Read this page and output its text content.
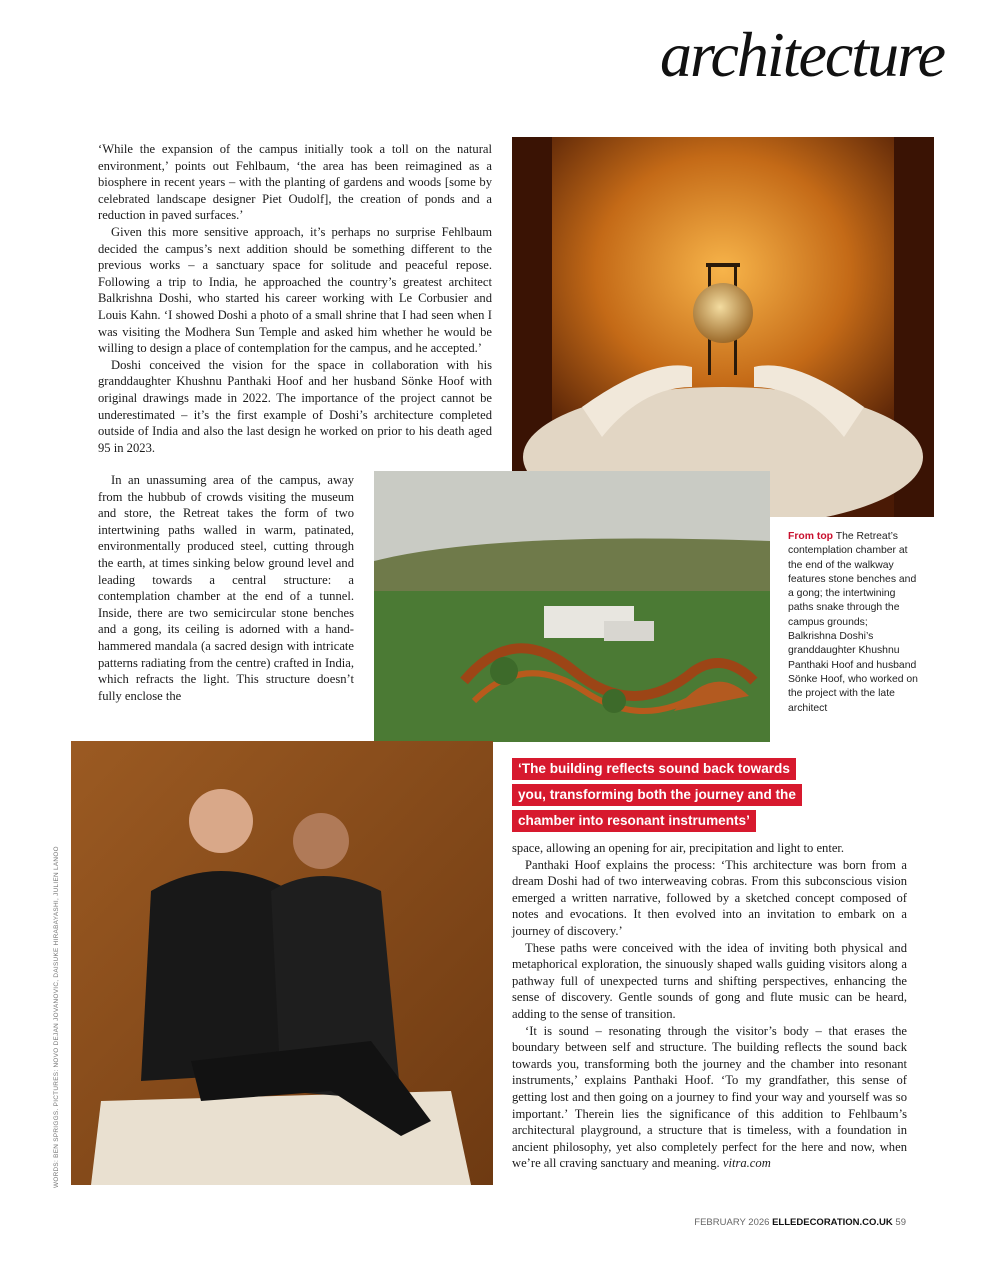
architecture

‘While the expansion of the campus initially took a toll on the natural environment,’ points out Fehlbaum, ‘the area has been reimagined as a biosphere in recent years – with the planting of gardens and woods [some by celebrated landscape designer Piet Oudolf], the creation of ponds and a reduction in paved surfaces.’

Given this more sensitive approach, it’s perhaps no surprise Fehlbaum decided the campus’s next addition should be something different to the previous works – a sanctuary space for solitude and peaceful repose. Following a trip to India, he approached the country’s greatest architect Balkrishna Doshi, who started his career working with Le Corbusier and Louis Kahn. ‘I showed Doshi a photo of a small shrine that I had seen when I was visiting the Modhera Sun Temple and asked him whether he would be willing to design a place of contemplation for the campus, and he accepted.’

Doshi conceived the vision for the space in collaboration with his granddaughter Khushnu Panthaki Hoof and her husband Sönke Hoof with original drawings made in 2022. The importance of the project cannot be underestimated – it’s the first example of Doshi’s architecture completed outside of India and also the last design he worked on prior to his death aged 95 in 2023.

In an unassuming area of the campus, away from the hubbub of crowds visiting the museum and store, the Retreat takes the form of two intertwining paths walled in warm, patinated, environmentally produced steel, cutting through the earth, at times sinking below ground level and leading towards a central structure: a contemplation chamber at the end of a tunnel. Inside, there are two semicircular stone benches and a gong, its ceiling is adorned with a hand-hammered mandala (a sacred design with intricate patterns radiating from the centre) crafted in India, which refracts the light. This structure doesn’t fully enclose the

From top The Retreat’s contemplation chamber at the end of the walkway features stone benches and a gong; the intertwining paths snake through the campus grounds; Balkrishna Doshi’s granddaughter Khushnu Panthaki Hoof and husband Sönke Hoof, who worked on the project with the late architect
‘The building reflects sound back towards
you, transforming both the journey and the
chamber into resonant instruments’

space, allowing an opening for air, precipitation and light to enter.

Panthaki Hoof explains the process: ‘This architecture was born from a dream Doshi had of two interweaving cobras. From this subconscious vision emerged a written narrative, followed by a sketched concept composed of notes and evocations. It then evolved into an invitation to embark on a journey of discovery.’

These paths were conceived with the idea of inviting both physical and metaphorical exploration, the sinuously shaped walls guiding visitors along a pathway full of unexpected turns and shifting perspectives, enhancing the sense of discovery. Gentle sounds of gong and flute music can be heard, adding to the sense of transition.

‘It is sound – resonating through the visitor’s body – that erases the boundary between self and structure. The building reflects the sound back towards you, transforming both the journey and the chamber into resonant instruments,’ explains Panthaki Hoof. ‘To my grandfather, this sense of getting lost and then going on a journey to find your way and yourself was so important.’ Therein lies the significance of this addition to Fehlbaum’s architectural playground, a structure that is timeless, with a foundation in ancient philosophy, yet also completely perfect for the here and now, when we’re all craving sanctuary and meaning. vitra.com

WORDS: BEN SPRIGGS. PICTURES: NOVO DEJAN JOVANOVIC, DAISUKE HIRABAYASHI, JULIEN LANOO
FEBRUARY 2026 ELLEDECORATION.CO.UK 59
